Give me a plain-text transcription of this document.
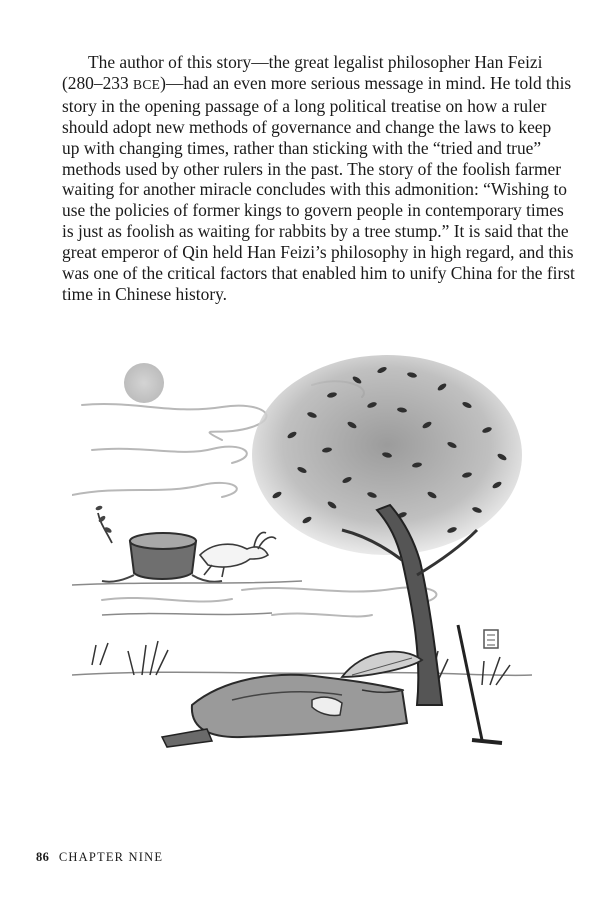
The author of this story—the great legalist philosopher Han Feizi
(280–233 BCE)—had an even more serious message in mind. He told this
story in the opening passage of a long political treatise on how a ruler
should adopt new methods of governance and change the laws to keep
up with changing times, rather than sticking with the “tried and true”
methods used by other rulers in the past. The story of the foolish farmer
waiting for another miracle concludes with this admonition: “Wishing to
use the policies of former kings to govern people in contemporary times
is just as foolish as waiting for rabbits by a tree stump.” It is said that the
great emperor of Qin held Han Feizi’s philosophy in high regard, and this
was one of the critical factors that enabled him to unify China for the first
time in Chinese history.

86 CHAPTER NINE
